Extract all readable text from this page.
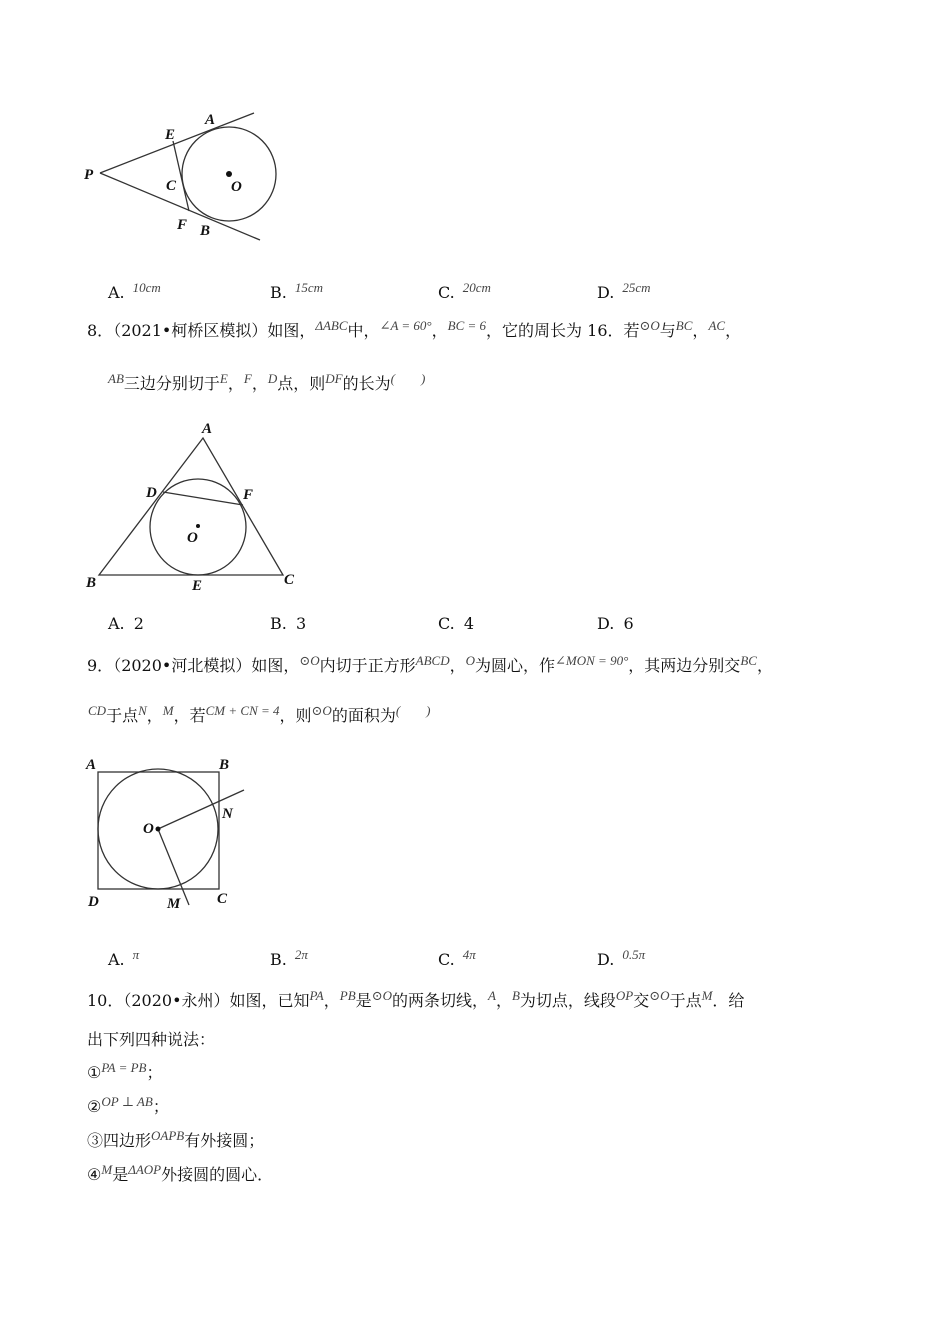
P
A
E
C	O
F B
A. $^{10cm}$	B. $^{15cm}$	C. $^{20cm}$	D. $^{25cm}$
8．（2021•柯桥区模拟）如图，$^{\Delta ABC}$中，$^{\angle A = 60^\circ}$，$^{BC = 6}$，它的周长为 16．若$^{⊙O}$与$^{BC}$，$^{AC}$，
$^{AB}$三边分别切于$^E$，$^F$，$^D$点，则$^{DF}$的长为(　　)
A
D	F
O
B	E	C
A. 2	B. 3	C. 4	D. 6
9．（2020•河北模拟）如图，$^{⊙O}$内切于正方形$^{ABCD}$，$^O$为圆心，作$^{\angle MON = 90^\circ}$，其两边分别交$^{BC}$，
$^{CD}$于点$^N$，$^M$，若$^{CM + CN = 4}$，则$^{⊙O}$的面积为(　　)
A	B
O
N
D	M C
A. $^\pi$	B. $^{2\pi}$	C. $^{4\pi}$	D. $^{0.5\pi}$
10．（2020•永州）如图，已知$^{PA}$，$^{PB}$是$^{⊙O}$的两条切线，$^A$，$^B$为切点，线段$^{OP}$交$^{⊙O}$于点$^M$．给
出下列四种说法：
①$^{PA = PB}$；
②$^{OP \perp AB}$；
③四边形$^{OAPB}$有外接圆；
④$^M$是$^{\Delta AOP}$外接圆的圆心．
